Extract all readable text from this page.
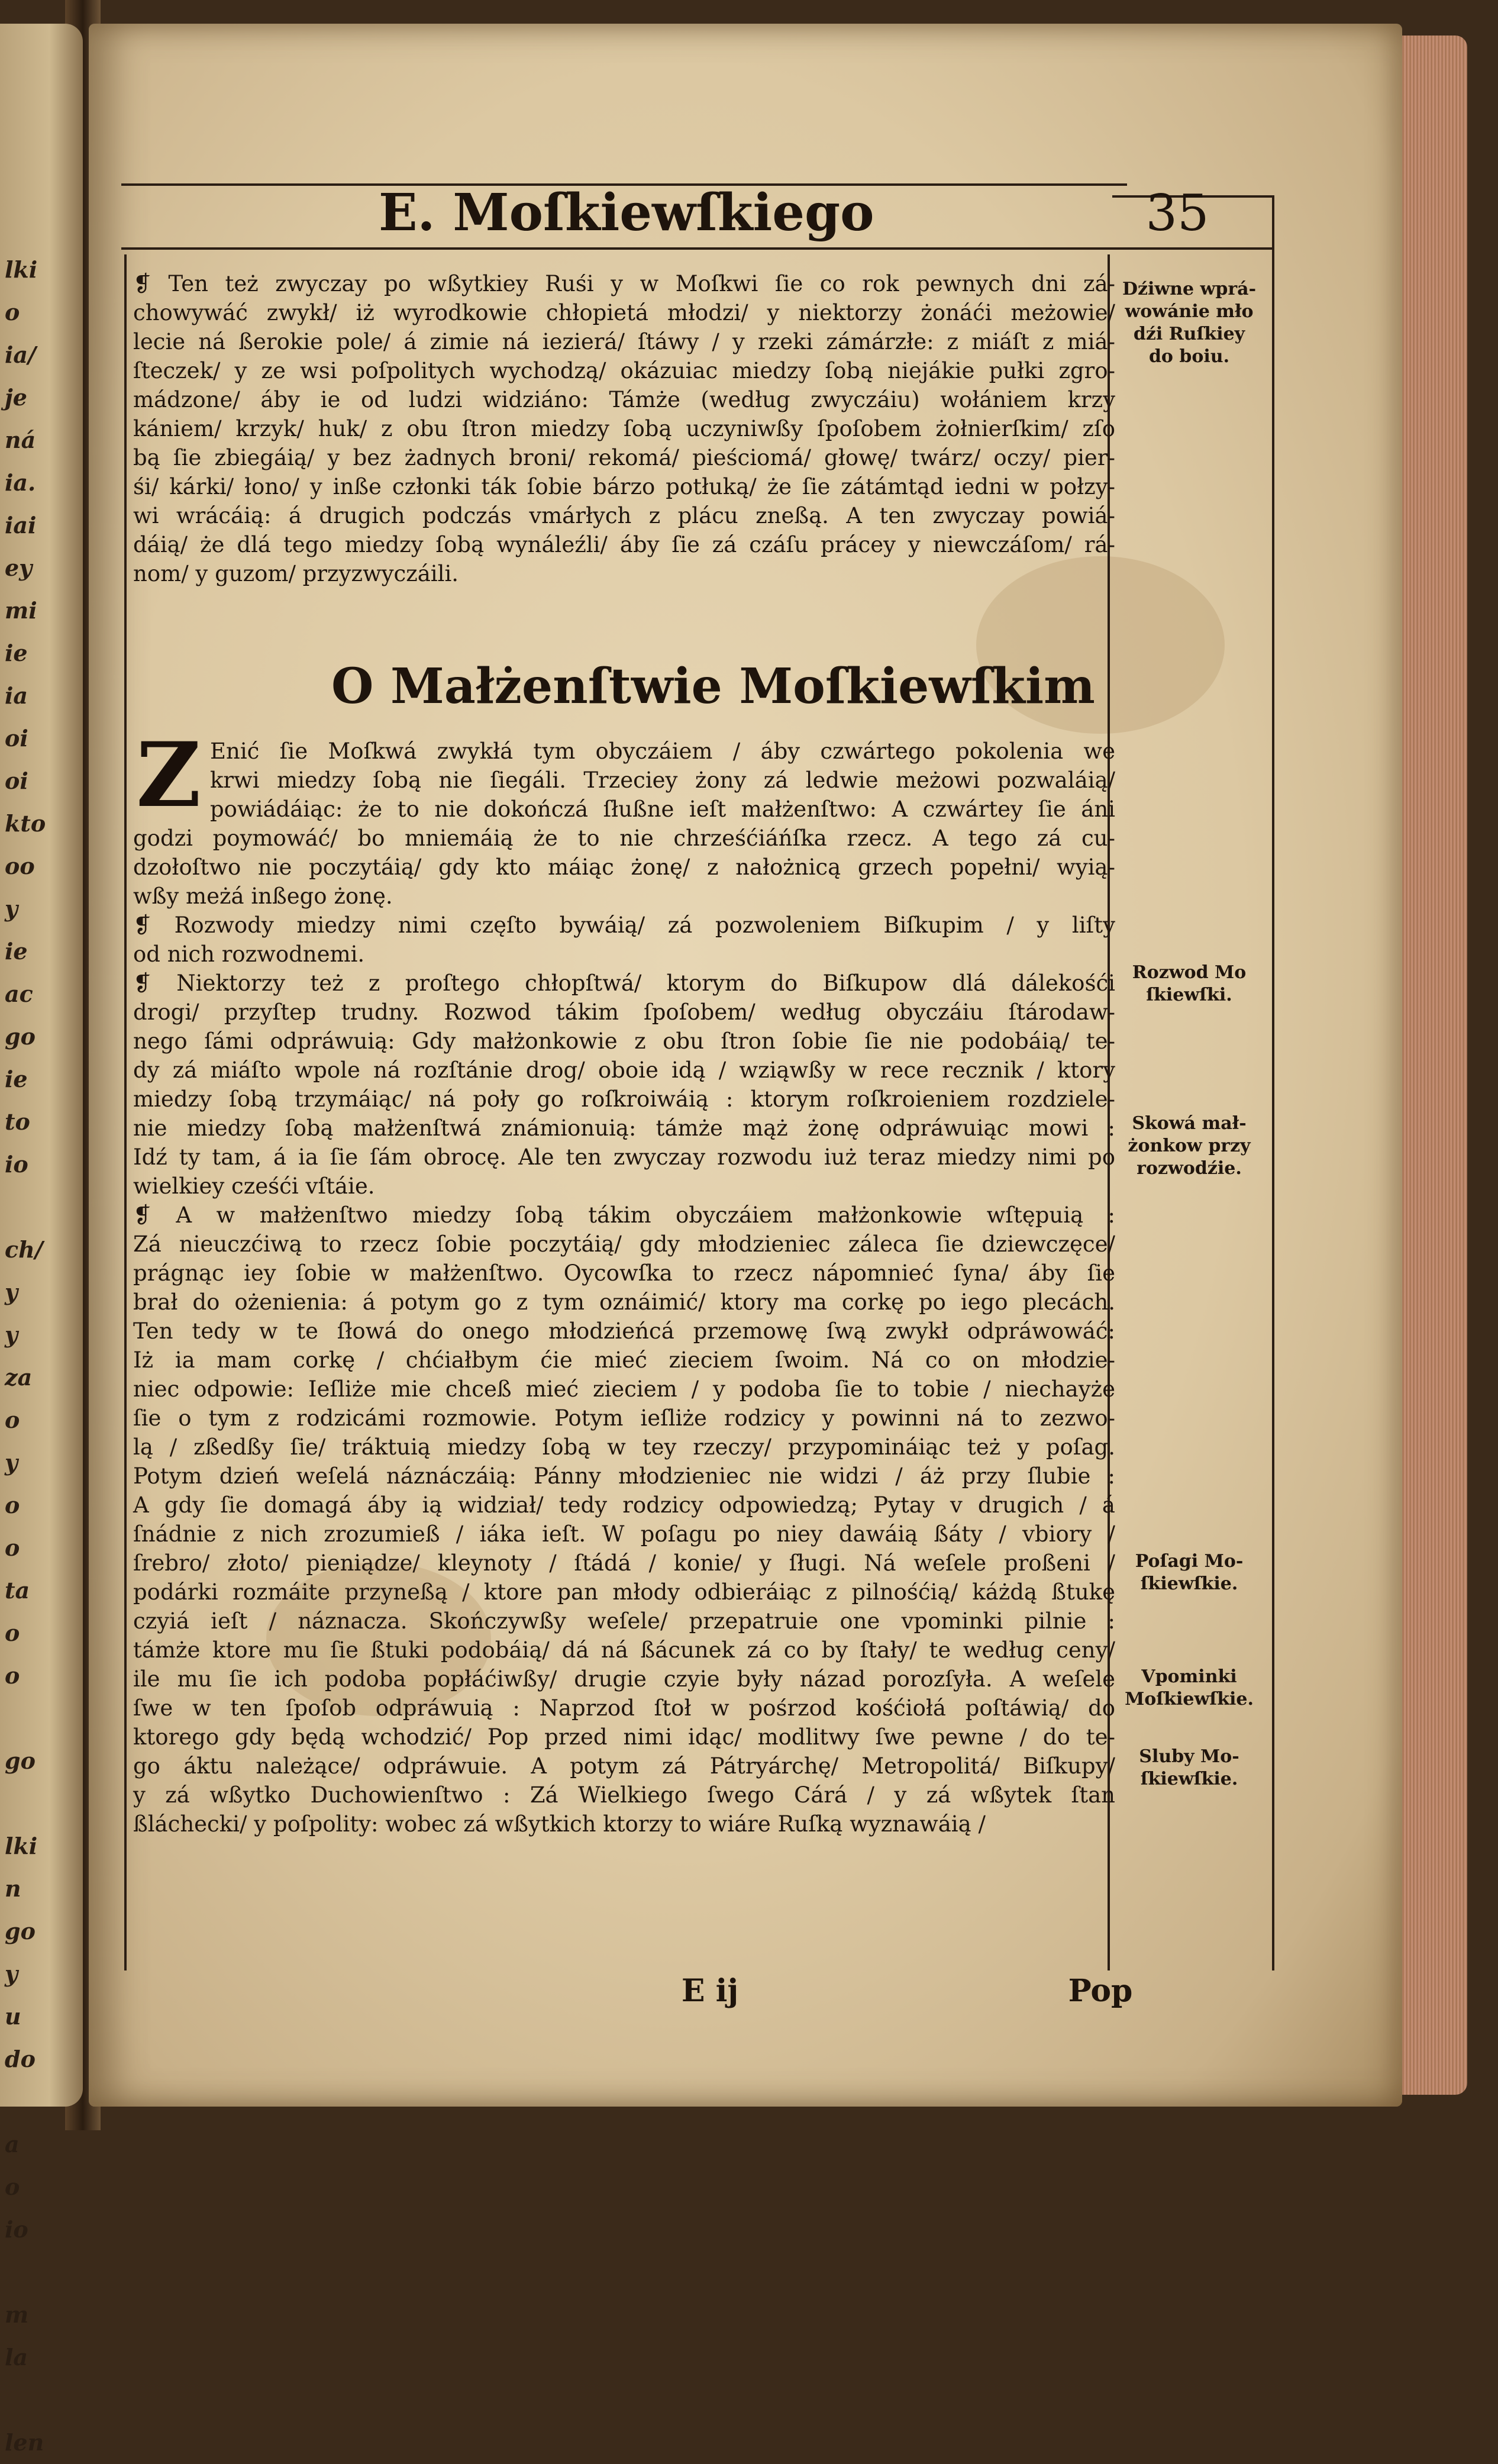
lki
o
ia/
je
ná
ia.
iai
ey
mi
ie
ia
oi
oi
kto
oo
y
ie
ac
go
ie
to
io
ch/
y
y
za
o
y
o
o
ta
o
o
go
lki
n
go
y
u
do
a
o
io
m
la
len
E. Moſkiewſkiego	35
❡ Ten też zwyczay po wßytkiey Ruśi y w Moſkwi ſie co rok pewnych dni zá-
chowywáć zwykł/ iż wyrodkowie chłopietá młodzi/ y niektorzy żonáći meżowie/
lecie ná ßerokie pole/ á zimie ná iezierá/ ſtáwy / y rzeki zámárzłe: z miáſt z miá-
ſteczek/ y ze wsi poſpolitych wychodzą/ okázuiac miedzy ſobą niejákie pułki zgro-
mádzone/ áby ie od ludzi widziáno: Támże (według zwyczáiu) wołániem krzy
kániem/ krzyk/ huk/ z obu ſtron miedzy ſobą uczyniwßy ſpoſobem żołnierſkim/ zſo
bą ſie zbiegáią/ y bez żadnych broni/ rekomá/ pieściomá/ głowę/ twárz/ oczy/ pier-
śi/ kárki/ łono/ y inße członki ták ſobie bárzo potłuką/ że ſie zátámtąd iedni w połzy-
wi wrácáią: á drugich podczás vmárłych z plácu zneßą. A ten zwyczay powiá-
dáią/ że dlá tego miedzy ſobą wynáleźli/ áby ſie zá czáſu prácey y niewczáſom/ rá-
nom/ y guzom/ przyzwyczáili.
O Małżenſtwie Moſkiewſkim
Z Enić ſie Moſkwá zwykłá tym obyczáiem / áby czwártego pokolenia we
krwi miedzy ſobą nie ſiegáli. Trzeciey żony zá ledwie meżowi pozwaláią/
powiádáiąc: że to nie dokończá ſłußne ieſt małżenſtwo: A czwártey ſie áni
godzi poymowáć/ bo mniemáią że to nie chrześćiáńſka rzecz. A tego zá cu-
dzołoſtwo nie poczytáią/ gdy kto máiąc żonę/ z nałożnicą grzech popełni/ wyią-
wßy meżá inßego żonę.
❡ Rozwody miedzy nimi częſto bywáią/ zá pozwoleniem Biſkupim / y liſty
od nich rozwodnemi.
❡ Niektorzy też z proſtego chłopſtwá/ ktorym do Biſkupow dlá dálekośći
drogi/ przyſtep trudny. Rozwod tákim ſpoſobem/ według obyczáiu ſtárodaw-
nego ſámi odpráwuią: Gdy małżonkowie z obu ſtron ſobie ſie nie podobáią/ te-
dy zá miáſto wpole ná rozſtánie drog/ oboie idą / wziąwßy w rece recznik / ktory
miedzy ſobą trzymáiąc/ ná poły go roſkroiwáią : ktorym roſkroieniem rozdziele-
nie miedzy ſobą małżenſtwá známionuią: támże mąż żonę odpráwuiąc mowi :
Idź ty tam, á ia ſie ſám obrocę. Ale ten zwyczay rozwodu iuż teraz miedzy nimi po
wielkiey cześći vſtáie.
❡ A w małżenſtwo miedzy ſobą tákim obyczáiem małżonkowie wſtępuią :
Zá nieuczćiwą to rzecz ſobie poczytáią/ gdy młodzieniec záleca ſie dziewczęce/
prágnąc iey ſobie w małżenſtwo. Oycowſka to rzecz nápomnieć ſyna/ áby ſie
brał do ożenienia: á potym go z tym oznáimić/ ktory ma corkę po iego plecách.
Ten tedy w te ſłowá do onego młodzieńcá przemowę ſwą zwykł odpráwowáć:
Iż ia mam corkę / chćiałbym ćie mieć zieciem ſwoim. Ná co on młodzie-
niec odpowie: Ieſliże mie chceß mieć zieciem / y podoba ſie to tobie / niechayże
ſie o tym z rodzicámi rozmowie. Potym ieſliże rodzicy y powinni ná to zezwo-
lą / zßedßy ſie/ tráktuią miedzy ſobą w tey rzeczy/ przypomináiąc też y poſag.
Potym dzień weſelá náznáczáią: Pánny młodzieniec nie widzi / áż przy ſlubie :
A gdy ſie domagá áby ią widział/ tedy rodzicy odpowiedzą; Pytay v drugich / á
ſnádnie z nich zrozumieß / iáka ieſt. W poſagu po niey dawáią ßáty / vbiory /
ſrebro/ złoto/ pieniądze/ kleynoty / ſtádá / konie/ y ſługi. Ná weſele proßeni /
podárki rozmáite przyneßą / ktore pan młody odbieráiąc z pilnośćią/ káżdą ßtukę
czyiá ieſt / náznacza. Skończywßy weſele/ przepatruie one vpominki pilnie :
támże ktore mu ſie ßtuki podobáią/ dá ná ßácunek zá co by ſtały/ te według ceny/
ile mu ſie ich podoba popłáćiwßy/ drugie czyie były názad porozſyła. A weſele
ſwe w ten ſpoſob odpráwuią : Naprzod ſtoł w pośrzod kośćiołá poſtáwią/ do
ktorego gdy będą wchodzić/ Pop przed nimi idąc/ modlitwy ſwe pewne / do te-
go áktu należące/ odpráwuie. A potym zá Pátryárchę/ Metropolitá/ Biſkupy/
y zá wßytko Duchowienſtwo : Zá Wielkiego ſwego Cárá / y zá wßytek ſtan
ßláchecki/ y poſpolity: wobec zá wßytkich ktorzy to wiáre Ruſką wyznawáią /
Dźiwne wprá-
wowánie mło
dźi Ruſkiey
do boiu.
Rozwod Mo
ſkiewſki.
Skowá mał-
żonkow przy
rozwodźie.
Poſagi Mo-
ſkiewſkie.
Vpominki
Moſkiewſkie.
Sluby Mo-
ſkiewſkie.
E ij	Pop
